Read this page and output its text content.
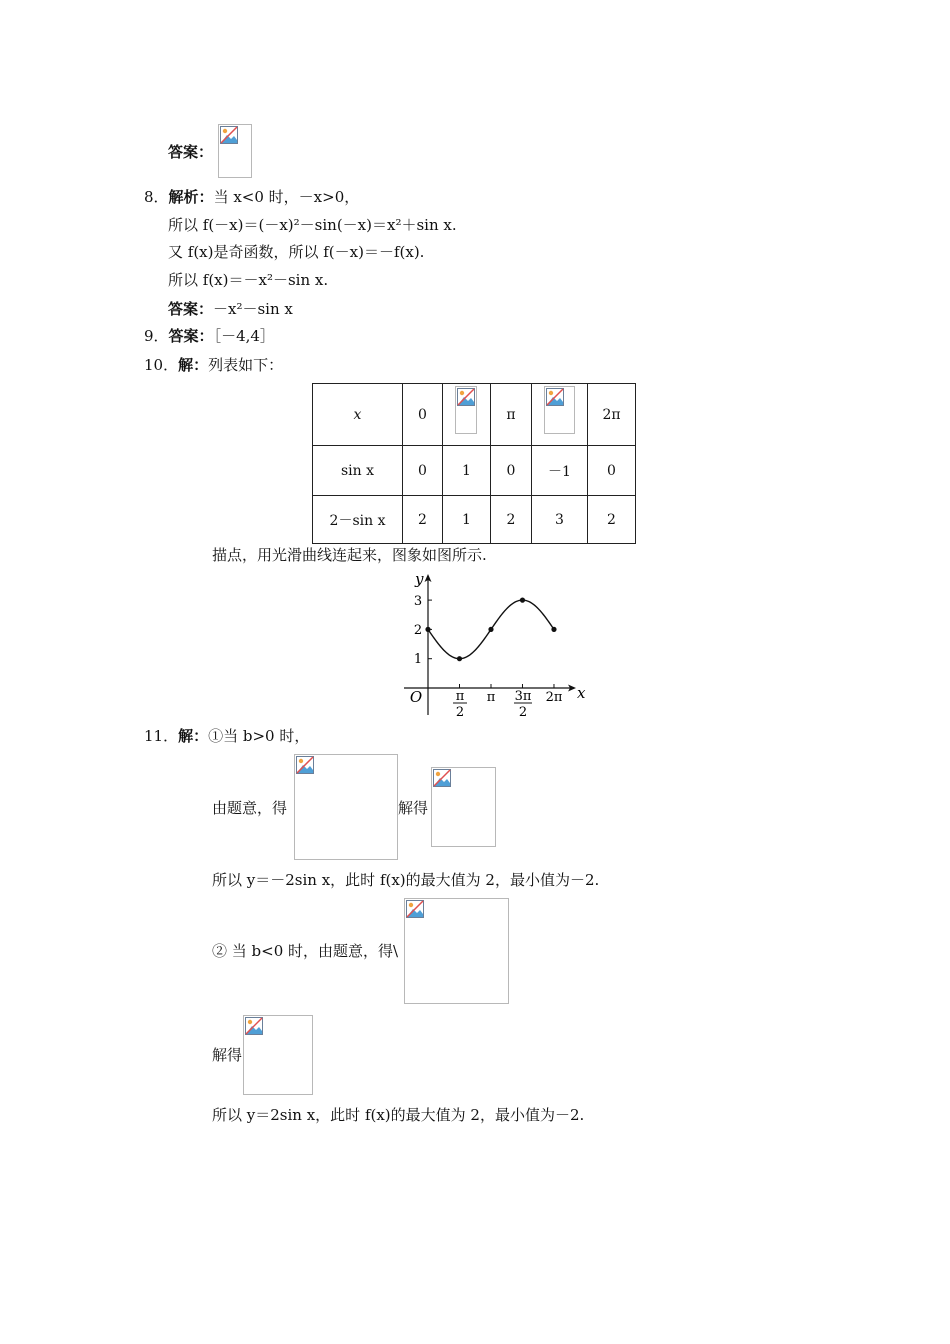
答案：
8．解析：当 x<0 时，－x>0，
所以 f(－x)＝(－x)²－sin(－x)＝x²＋sin x.
又 f(x)是奇函数，所以 f(－x)＝－f(x).
所以 f(x)＝－x²－sin x.
答案：－x²－sin x
9．答案：［－4,4］
10．解：列表如下：
x	0		π		2π
sin x	0	1	0	－1	0
2－sin x	2	1	2	3	2
描点，用光滑曲线连起来，图象如图所示.
O	x
y
3
2
1
π
2
π 3π
2
2π
11．解：①当 b>0 时，
由题意，得	解得
所以 y＝－2sin x，此时 f(x)的最大值为 2，最小值为－2.
② 当 b<0 时，由题意，得\
解得
所以 y＝2sin x，此时 f(x)的最大值为 2，最小值为－2.
